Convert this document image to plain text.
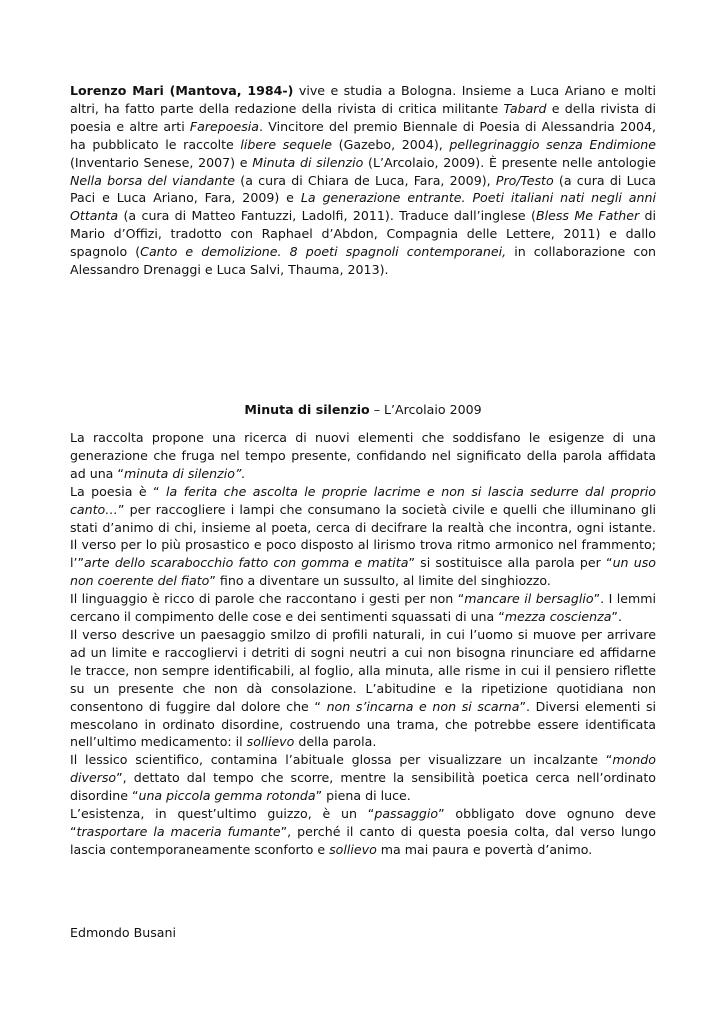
Lorenzo Mari (Mantova, 1984-) vive e studia a Bologna. Insieme a Luca Ariano e molti altri, ha fatto parte della redazione della rivista di critica militante Tabard e della rivista di poesia e altre arti Farepoesia. Vincitore del premio Biennale di Poesia di Alessandria 2004, ha pubblicato le raccolte libere sequele (Gazebo, 2004), pellegrinaggio senza Endimione (Inventario Senese, 2007) e Minuta di silenzio (L’Arcolaio, 2009). È presente nelle antologie Nella borsa del viandante (a cura di Chiara de Luca, Fara, 2009), Pro/Testo (a cura di Luca Paci e Luca Ariano, Fara, 2009) e La generazione entrante. Poeti italiani nati negli anni Ottanta (a cura di Matteo Fantuzzi, Ladolfi, 2011). Traduce dall’inglese (Bless Me Father di Mario d’Offizi, tradotto con Raphael d’Abdon, Compagnia delle Lettere, 2011) e dallo spagnolo (Canto e demolizione. 8 poeti spagnoli contemporanei, in collaborazione con Alessandro Drenaggi e Luca Salvi, Thauma, 2013).

Minuta di silenzio – L’Arcolaio 2009

La raccolta propone una ricerca di nuovi elementi che soddisfano le esigenze di una generazione che fruga nel tempo presente, confidando nel significato della parola affidata ad una “minuta di silenzio”.

La poesia è “ la ferita che ascolta le proprie lacrime e non si lascia sedurre dal proprio canto…” per raccogliere i lampi che consumano la società civile e quelli che illuminano gli stati d’animo di chi, insieme al poeta, cerca di decifrare la realtà che incontra, ogni istante. Il verso per lo più prosastico e poco disposto al lirismo trova ritmo armonico nel frammento; l’”arte dello scarabocchio fatto con gomma e matita” si sostituisce alla parola per “un uso non coerente del fiato” fino a diventare un sussulto, al limite del singhiozzo.

Il linguaggio è ricco di parole che raccontano i gesti per non “mancare il bersaglio”. I lemmi cercano il compimento delle cose e dei sentimenti squassati di una “mezza coscienza”.

Il verso descrive un paesaggio smilzo di profili naturali, in cui l’uomo si muove per arrivare ad un limite e raccogliervi i detriti di sogni neutri a cui non bisogna rinunciare ed affidarne le tracce, non sempre identificabili, al foglio, alla minuta, alle risme in cui il pensiero riflette su un presente che non dà consolazione. L’abitudine e la ripetizione quotidiana non consentono di fuggire dal dolore che “ non s’incarna e non si scarna”. Diversi elementi si mescolano in ordinato disordine, costruendo una trama, che potrebbe essere identificata nell’ultimo medicamento: il sollievo della parola.

Il lessico scientifico, contamina l’abituale glossa per visualizzare un incalzante “mondo diverso”, dettato dal tempo che scorre, mentre la sensibilità poetica cerca nell’ordinato disordine “una piccola gemma rotonda” piena di luce.

L’esistenza, in quest’ultimo guizzo, è un “passaggio” obbligato dove ognuno deve “trasportare la maceria fumante”, perché il canto di questa poesia colta, dal verso lungo lascia contemporaneamente sconforto e sollievo ma mai paura e povertà d’animo.

Edmondo Busani
